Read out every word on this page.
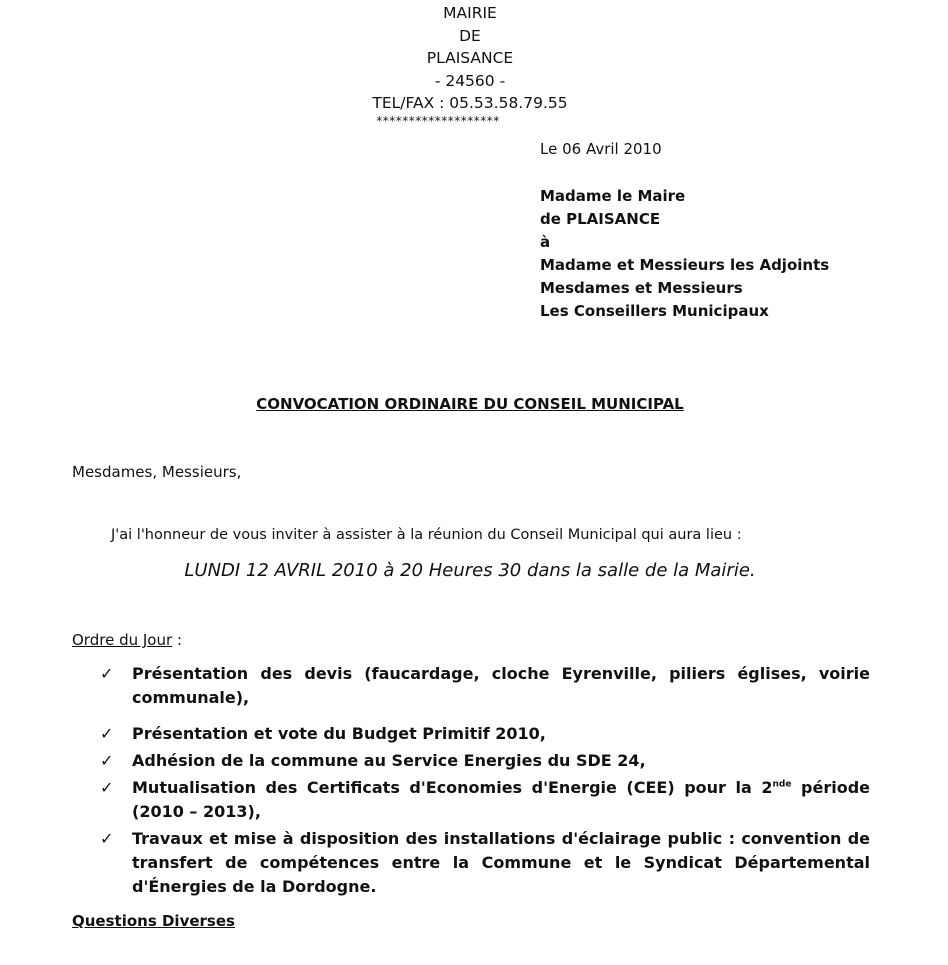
MAIRIE
DE
PLAISANCE
- 24560 -
TEL/FAX : 05.53.58.79.55
*******************
Le 06 Avril 2010
Madame le Maire
de PLAISANCE
à
Madame et Messieurs les Adjoints
Mesdames et Messieurs
Les Conseillers Municipaux
CONVOCATION ORDINAIRE DU CONSEIL MUNICIPAL
Mesdames, Messieurs,
J'ai l'honneur de vous inviter à assister à la réunion du Conseil Municipal qui aura lieu :
LUNDI 12 AVRIL 2010 à 20 Heures 30 dans la salle de la Mairie.
Ordre du Jour :
✓ Présentation des devis (faucardage, cloche Eyrenville, piliers églises, voirie communale),
✓ Présentation et vote du Budget Primitif 2010,
✓ Adhésion de la commune au Service Energies du SDE 24,
✓ Mutualisation des Certificats d'Economies d'Energie (CEE) pour la 2nde période (2010 – 2013),
✓ Travaux et mise à disposition des installations d'éclairage public : convention de transfert de compétences entre la Commune et le Syndicat Départemental d'Énergies de la Dordogne.
Questions Diverses
